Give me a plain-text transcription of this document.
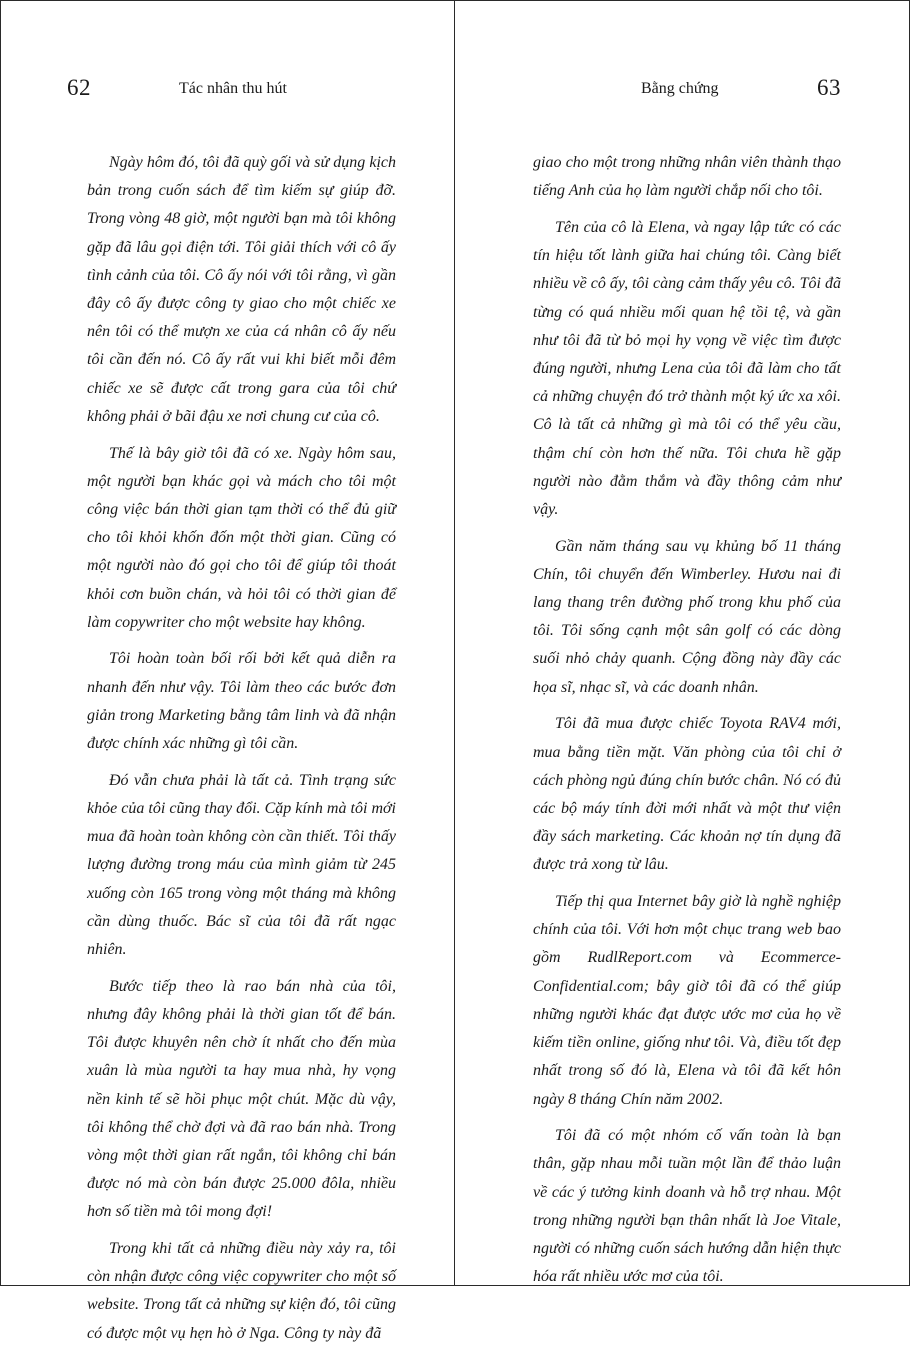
62	Tác nhân thu hút

Ngày hôm đó, tôi đã quỳ gối và sử dụng kịch bản trong cuốn sách để tìm kiếm sự giúp đỡ. Trong vòng 48 giờ, một người bạn mà tôi không gặp đã lâu gọi điện tới. Tôi giải thích với cô ấy tình cảnh của tôi. Cô ấy nói với tôi rằng, vì gần đây cô ấy được công ty giao cho một chiếc xe nên tôi có thể mượn xe của cá nhân cô ấy nếu tôi cần đến nó. Cô ấy rất vui khi biết mỗi đêm chiếc xe sẽ được cất trong gara của tôi chứ không phải ở bãi đậu xe nơi chung cư của cô.

Thế là bây giờ tôi đã có xe. Ngày hôm sau, một người bạn khác gọi và mách cho tôi một công việc bán thời gian tạm thời có thể đủ giữ cho tôi khỏi khốn đốn một thời gian. Cũng có một người nào đó gọi cho tôi để giúp tôi thoát khỏi cơn buồn chán, và hỏi tôi có thời gian để làm copywriter cho một website hay không.

Tôi hoàn toàn bối rối bởi kết quả diễn ra nhanh đến như vậy. Tôi làm theo các bước đơn giản trong Marketing bằng tâm linh và đã nhận được chính xác những gì tôi cần.

Đó vẫn chưa phải là tất cả. Tình trạng sức khỏe của tôi cũng thay đổi. Cặp kính mà tôi mới mua đã hoàn toàn không còn cần thiết. Tôi thấy lượng đường trong máu của mình giảm từ 245 xuống còn 165 trong vòng một tháng mà không cần dùng thuốc. Bác sĩ của tôi đã rất ngạc nhiên.

Bước tiếp theo là rao bán nhà của tôi, nhưng đây không phải là thời gian tốt để bán. Tôi được khuyên nên chờ ít nhất cho đến mùa xuân là mùa người ta hay mua nhà, hy vọng nền kinh tế sẽ hồi phục một chút. Mặc dù vậy, tôi không thể chờ đợi và đã rao bán nhà. Trong vòng một thời gian rất ngắn, tôi không chỉ bán được nó mà còn bán được 25.000 đôla, nhiều hơn số tiền mà tôi mong đợi!

Trong khi tất cả những điều này xảy ra, tôi còn nhận được công việc copywriter cho một số website. Trong tất cả những sự kiện đó, tôi cũng có được một vụ hẹn hò ở Nga. Công ty này đã

Bằng chứng	63

giao cho một trong những nhân viên thành thạo tiếng Anh của họ làm người chắp nối cho tôi.

Tên của cô là Elena, và ngay lập tức có các tín hiệu tốt lành giữa hai chúng tôi. Càng biết nhiều về cô ấy, tôi càng cảm thấy yêu cô. Tôi đã từng có quá nhiều mối quan hệ tồi tệ, và gần như tôi đã từ bỏ mọi hy vọng về việc tìm được đúng người, nhưng Lena của tôi đã làm cho tất cả những chuyện đó trở thành một ký ức xa xôi. Cô là tất cả những gì mà tôi có thể yêu cầu, thậm chí còn hơn thế nữa. Tôi chưa hề gặp người nào đằm thắm và đầy thông cảm như vậy.

Gần năm tháng sau vụ khủng bố 11 tháng Chín, tôi chuyển đến Wimberley. Hươu nai đi lang thang trên đường phố trong khu phố của tôi. Tôi sống cạnh một sân golf có các dòng suối nhỏ chảy quanh. Cộng đồng này đầy các họa sĩ, nhạc sĩ, và các doanh nhân.

Tôi đã mua được chiếc Toyota RAV4 mới, mua bằng tiền mặt. Văn phòng của tôi chỉ ở cách phòng ngủ đúng chín bước chân. Nó có đủ các bộ máy tính đời mới nhất và một thư viện đầy sách marketing. Các khoản nợ tín dụng đã được trả xong từ lâu.

Tiếp thị qua Internet bây giờ là nghề nghiệp chính của tôi. Với hơn một chục trang web bao gồm RudlReport.com và Ecommerce-Confidential.com; bây giờ tôi đã có thể giúp những người khác đạt được ước mơ của họ về kiếm tiền online, giống như tôi. Và, điều tốt đẹp nhất trong số đó là, Elena và tôi đã kết hôn ngày 8 tháng Chín năm 2002.

Tôi đã có một nhóm cố vấn toàn là bạn thân, gặp nhau mỗi tuần một lần để thảo luận về các ý tưởng kinh doanh và hỗ trợ nhau. Một trong những người bạn thân nhất là Joe Vitale, người có những cuốn sách hướng dẫn hiện thực hóa rất nhiều ước mơ của tôi.
